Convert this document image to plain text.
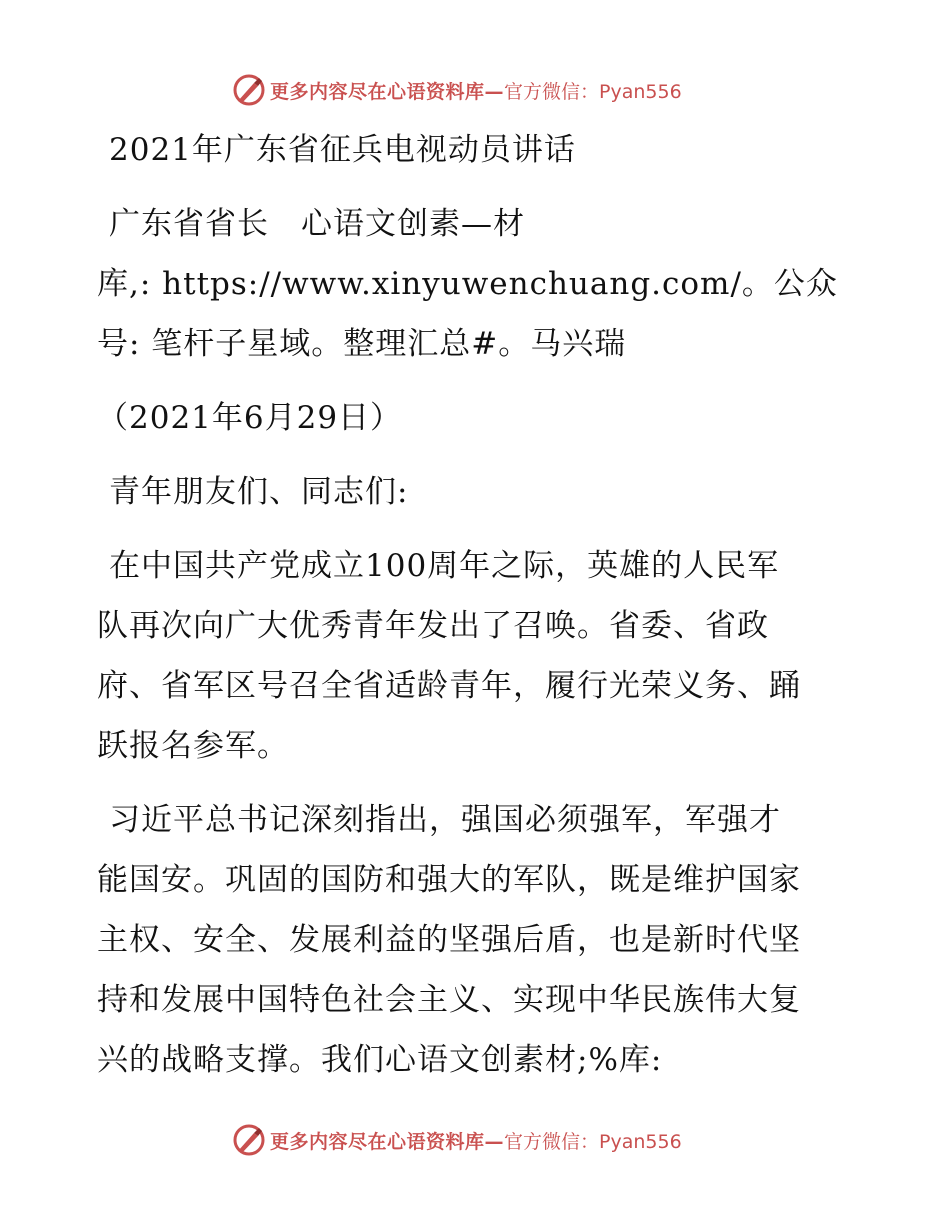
更多内容尽在心语资料库— 官方微信：Pyan556
2021年广东省征兵电视动员讲话
广东省省长　心语文创素—材
库,: https://www.xinyuwenchuang.com/。公众
号: 笔杆子星域。整理汇总#。马兴瑞
（2021年6月29日）
青年朋友们、同志们:
在中国共产党成立100周年之际，英雄的人民军
队再次向广大优秀青年发出了召唤。省委、省政
府、省军区号召全省适龄青年，履行光荣义务、踊
跃报名参军。
习近平总书记深刻指出，强国必须强军，军强才
能国安。巩固的国防和强大的军队，既是维护国家
主权、安全、发展利益的坚强后盾，也是新时代坚
持和发展中国特色社会主义、实现中华民族伟大复
兴的战略支撑。我们心语文创素材;%库:
更多内容尽在心语资料库— 官方微信：Pyan556
